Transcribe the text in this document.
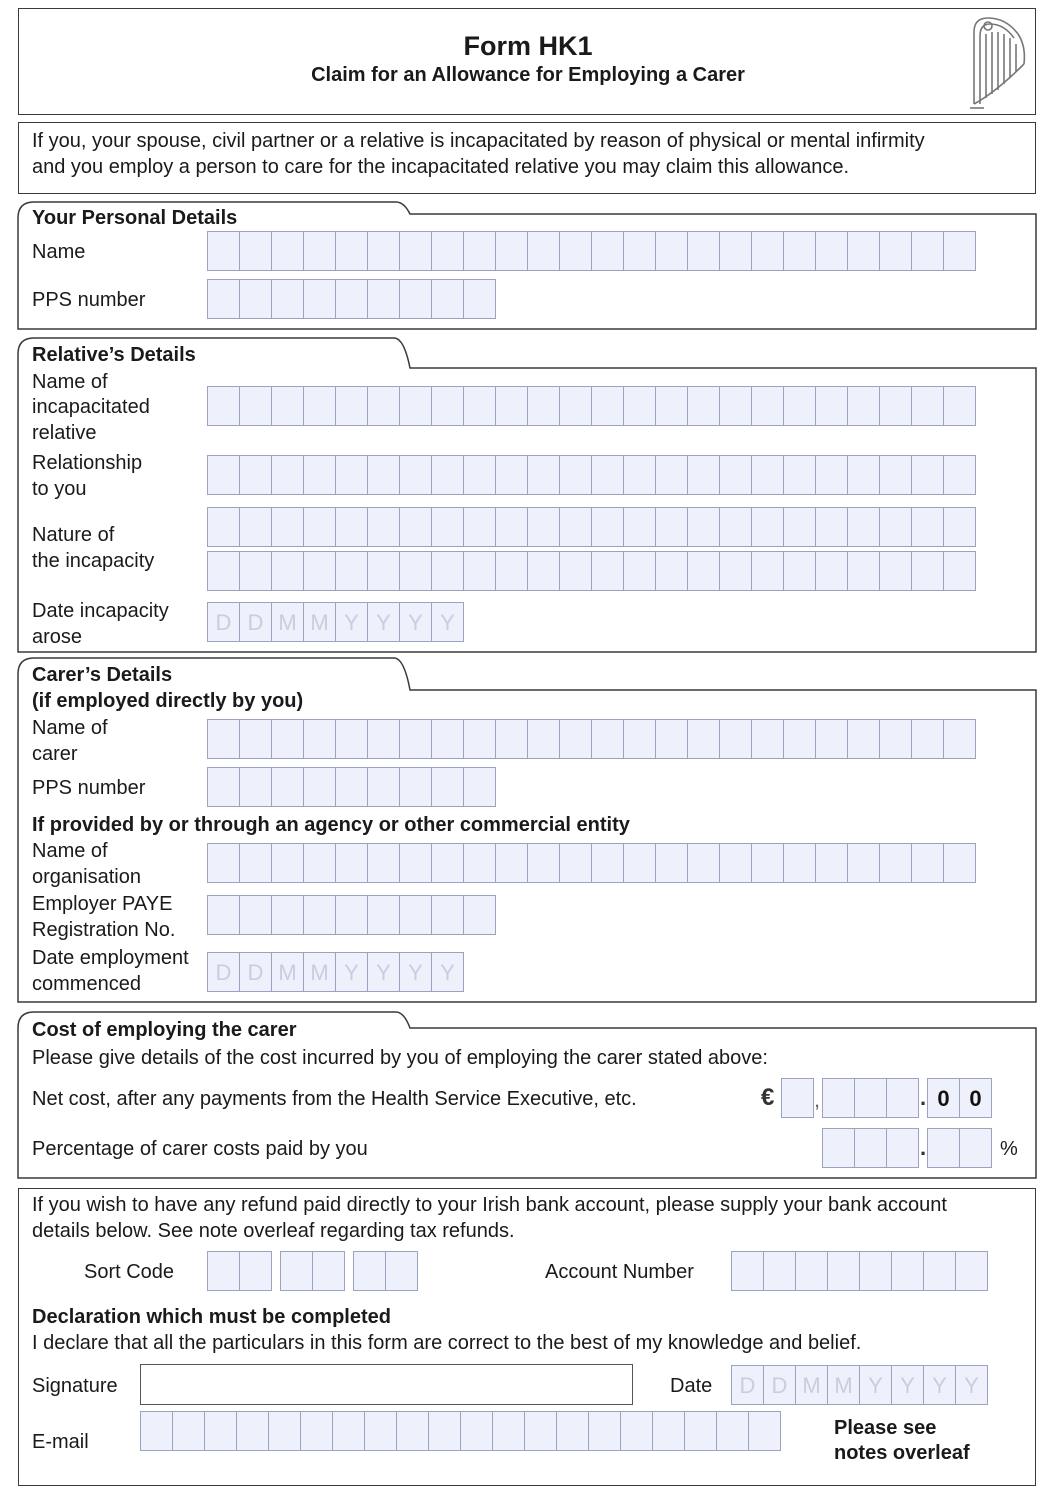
Form HK1
Claim for an Allowance for Employing a Carer
If you, your spouse, civil partner or a relative is incapacitated by reason of physical or mental infirmity
and you employ a person to care for the incapacitated relative you may claim this allowance.
Your Personal Details
Name
PPS number
Relative’s Details
Name of
incapacitated
relative
Relationship
to you
Nature of
the incapacity
Date incapacity
arose
D D M M Y Y Y Y
Carer’s Details
(if employed directly by you)
Name of
carer
PPS number
If provided by or through an agency or other commercial entity
Name of
organisation
Employer PAYE
Registration No.
Date employment
commenced	D D M M Y Y Y Y
Cost of employing the carer
Please give details of the cost incurred by you of employing the carer stated above:
Net cost, after any payments from the Health Service Executive, etc.	€ ,	. 0 0
Percentage of carer costs paid by you	.	%
If you wish to have any refund paid directly to your Irish bank account, please supply your bank account
details below. See note overleaf regarding tax refunds.
Sort Code	Account Number
Declaration which must be completed
I declare that all the particulars in this form are correct to the best of my knowledge and belief.
Signature	Date	D D M M Y Y Y Y
E-mail
Please see
notes overleaf
